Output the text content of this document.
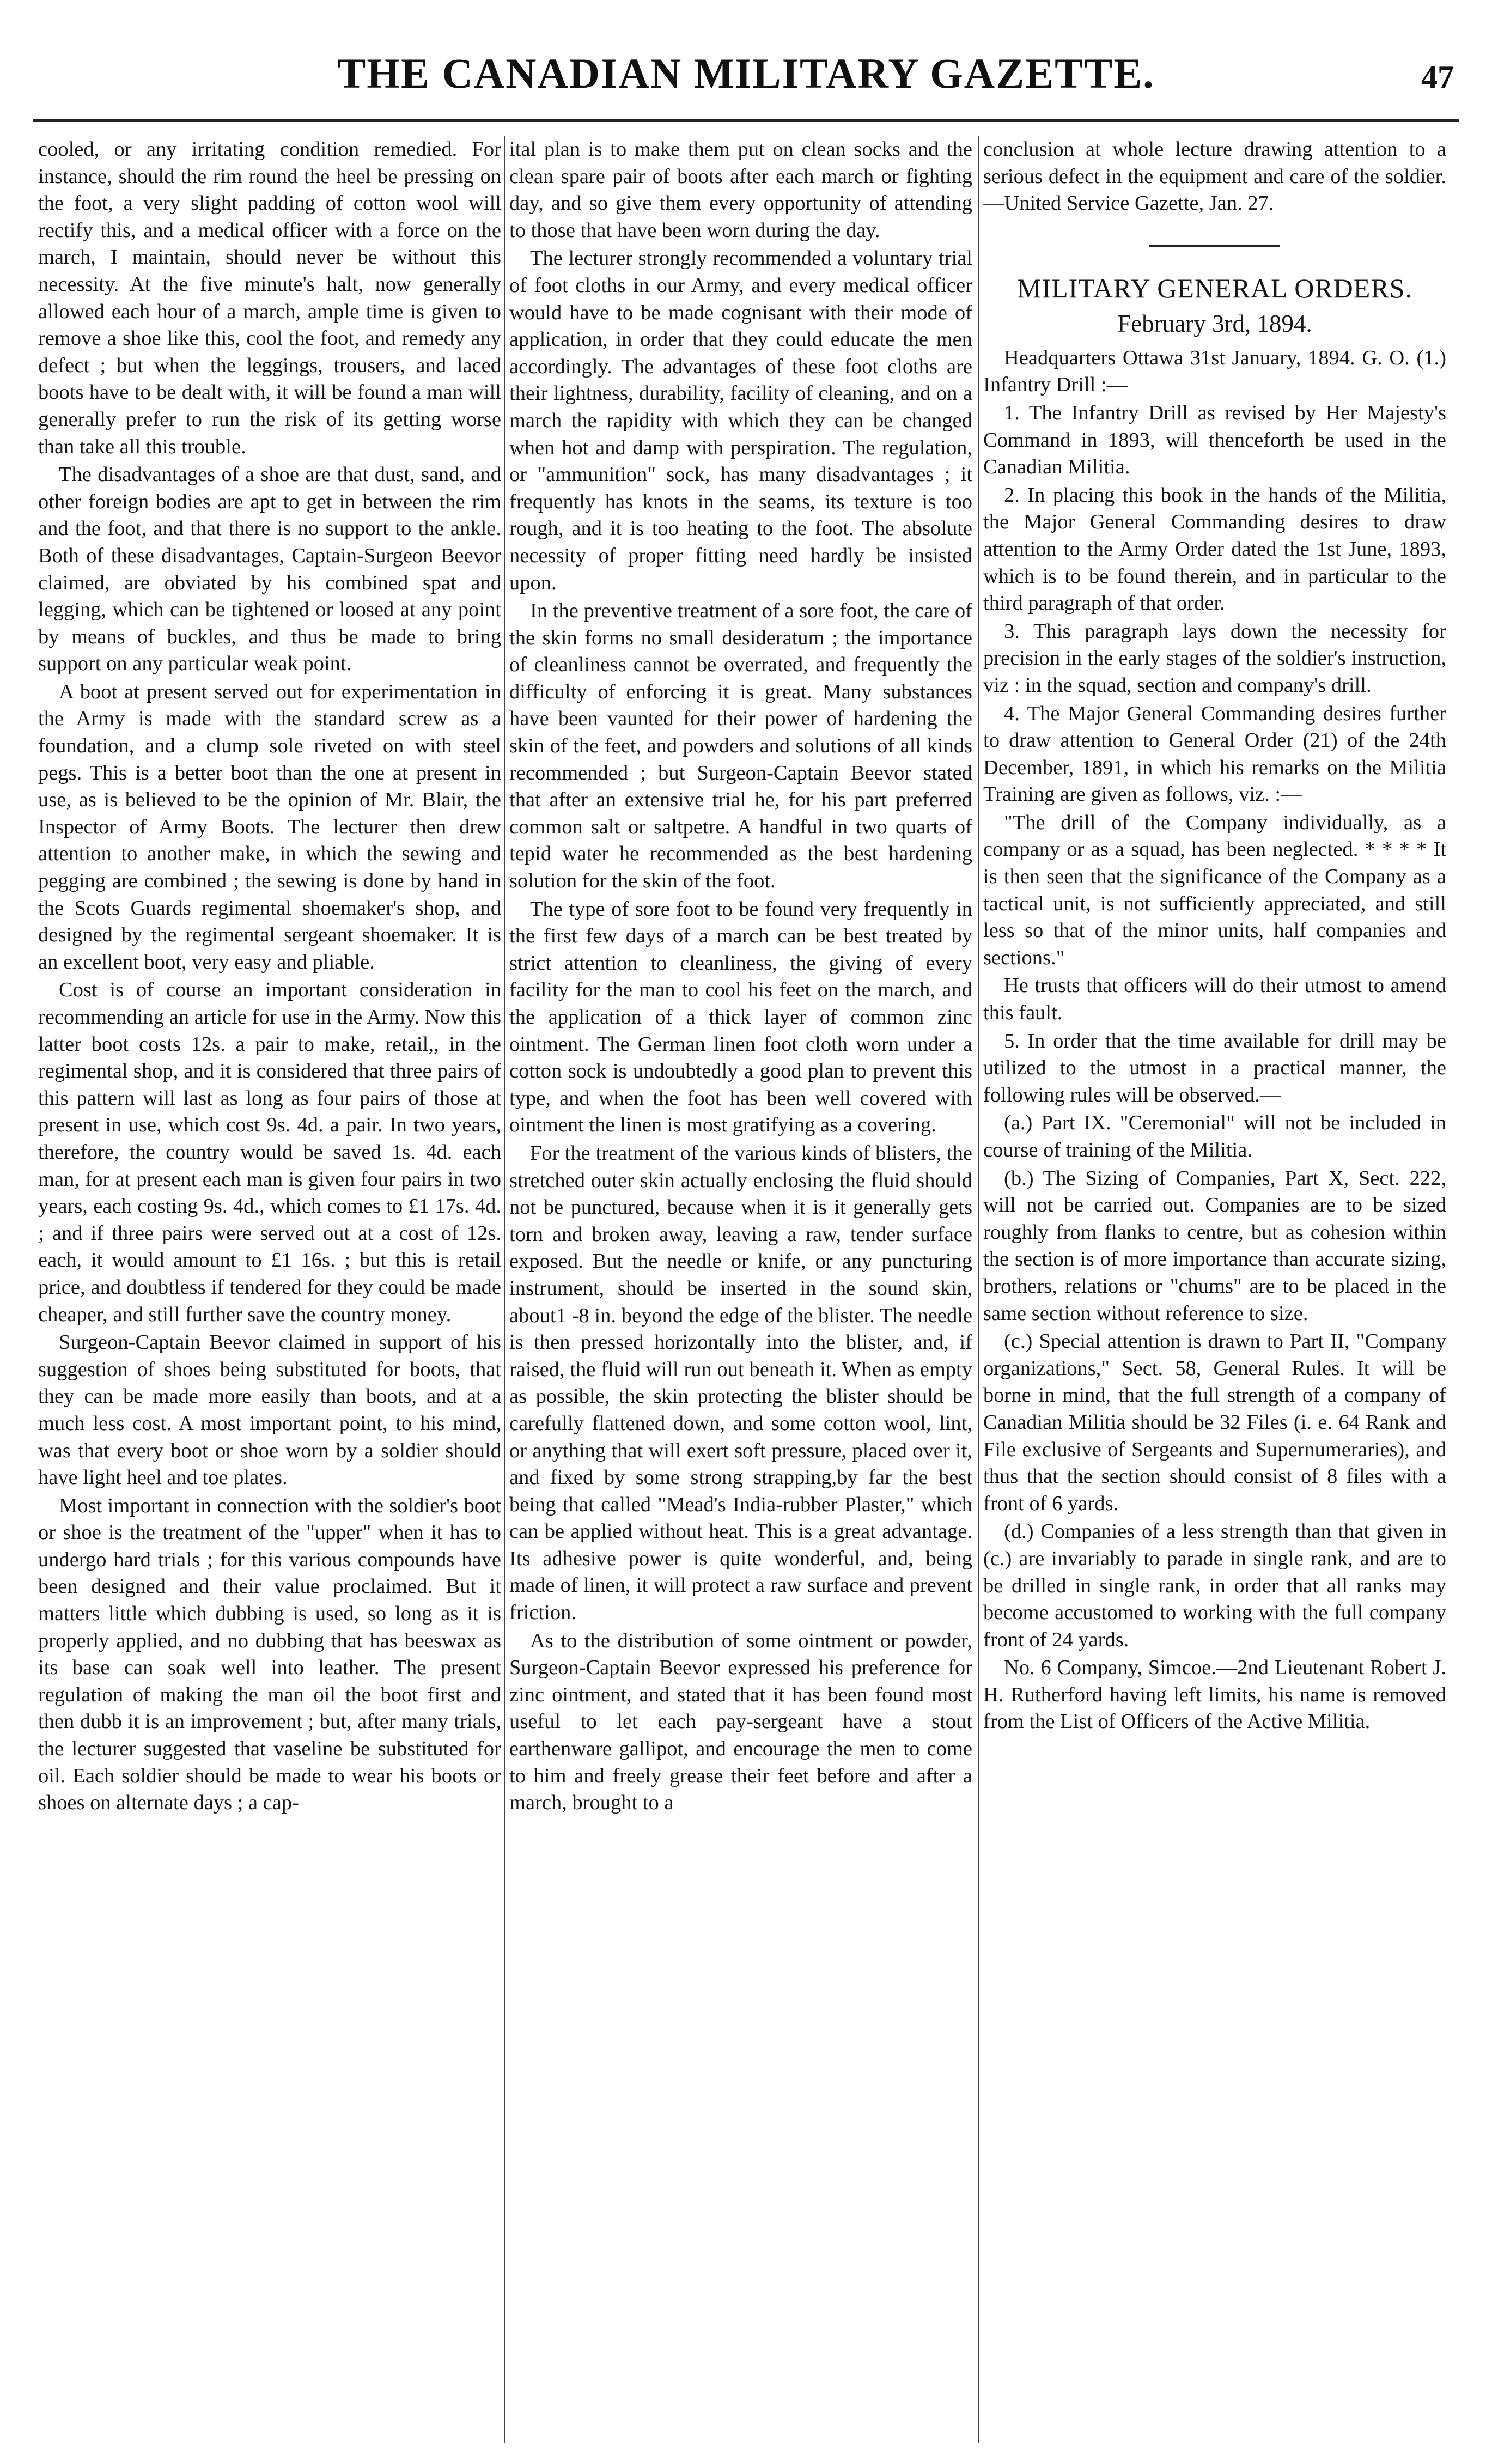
THE CANADIAN MILITARY GAZETTE.	47

cooled, or any irritating condition remedied. For instance, should the rim round the heel be pressing on the foot, a very slight padding of cotton wool will rectify this, and a medical officer with a force on the march, I maintain, should never be without this necessity. At the five minute's halt, now generally allowed each hour of a march, ample time is given to remove a shoe like this, cool the foot, and remedy any defect ; but when the leggings, trousers, and laced boots have to be dealt with, it will be found a man will generally prefer to run the risk of its getting worse than take all this trouble.

The disadvantages of a shoe are that dust, sand, and other foreign bodies are apt to get in between the rim and the foot, and that there is no support to the ankle. Both of these disadvantages, Captain-Surgeon Beevor claimed, are obviated by his combined spat and legging, which can be tightened or loosed at any point by means of buckles, and thus be made to bring support on any particular weak point.

A boot at present served out for experimentation in the Army is made with the standard screw as a foundation, and a clump sole riveted on with steel pegs. This is a better boot than the one at present in use, as is believed to be the opinion of Mr. Blair, the Inspector of Army Boots. The lecturer then drew attention to another make, in which the sewing and pegging are combined ; the sewing is done by hand in the Scots Guards regimental shoemaker's shop, and designed by the regimental sergeant shoemaker. It is an excellent boot, very easy and pliable.

Cost is of course an important consideration in recommending an article for use in the Army. Now this latter boot costs 12s. a pair to make, retail,, in the regimental shop, and it is considered that three pairs of this pattern will last as long as four pairs of those at present in use, which cost 9s. 4d. a pair. In two years, therefore, the country would be saved 1s. 4d. each man, for at present each man is given four pairs in two years, each costing 9s. 4d., which comes to £1 17s. 4d. ; and if three pairs were served out at a cost of 12s. each, it would amount to £1 16s. ; but this is retail price, and doubtless if tendered for they could be made cheaper, and still further save the country money.

Surgeon-Captain Beevor claimed in support of his suggestion of shoes being substituted for boots, that they can be made more easily than boots, and at a much less cost. A most important point, to his mind, was that every boot or shoe worn by a soldier should have light heel and toe plates.

Most important in connection with the soldier's boot or shoe is the treatment of the "upper" when it has to undergo hard trials ; for this various compounds have been designed and their value proclaimed. But it matters little which dubbing is used, so long as it is properly applied, and no dubbing that has beeswax as its base can soak well into leather. The present regulation of making the man oil the boot first and then dubb it is an improvement ; but, after many trials, the lecturer suggested that vaseline be substituted for oil. Each soldier should be made to wear his boots or shoes on alternate days ; a cap-

ital plan is to make them put on clean socks and the clean spare pair of boots after each march or fighting day, and so give them every opportunity of attending to those that have been worn during the day.

The lecturer strongly recommended a voluntary trial of foot cloths in our Army, and every medical officer would have to be made cognisant with their mode of application, in order that they could educate the men accordingly. The advantages of these foot cloths are their lightness, durability, facility of cleaning, and on a march the rapidity with which they can be changed when hot and damp with perspiration. The regulation, or "ammunition" sock, has many disadvantages ; it frequently has knots in the seams, its texture is too rough, and it is too heating to the foot. The absolute necessity of proper fitting need hardly be insisted upon.

In the preventive treatment of a sore foot, the care of the skin forms no small desideratum ; the importance of cleanliness cannot be overrated, and frequently the difficulty of enforcing it is great. Many substances have been vaunted for their power of hardening the skin of the feet, and powders and solutions of all kinds recommended ; but Surgeon-Captain Beevor stated that after an extensive trial he, for his part preferred common salt or saltpetre. A handful in two quarts of tepid water he recommended as the best hardening solution for the skin of the foot.

The type of sore foot to be found very frequently in the first few days of a march can be best treated by strict attention to cleanliness, the giving of every facility for the man to cool his feet on the march, and the application of a thick layer of common zinc ointment. The German linen foot cloth worn under a cotton sock is undoubtedly a good plan to prevent this type, and when the foot has been well covered with ointment the linen is most gratifying as a covering.

For the treatment of the various kinds of blisters, the stretched outer skin actually enclosing the fluid should not be punctured, because when it is it generally gets torn and broken away, leaving a raw, tender surface exposed. But the needle or knife, or any puncturing instrument, should be inserted in the sound skin, about1 -8 in. beyond the edge of the blister. The needle is then pressed horizontally into the blister, and, if raised, the fluid will run out beneath it. When as empty as possible, the skin protecting the blister should be carefully flattened down, and some cotton wool, lint, or anything that will exert soft pressure, placed over it, and fixed by some strong strapping,by far the best being that called "Mead's India-rubber Plaster," which can be applied without heat. This is a great advantage. Its adhesive power is quite wonderful, and, being made of linen, it will protect a raw surface and prevent friction.

As to the distribution of some ointment or powder, Surgeon-Captain Beevor expressed his preference for zinc ointment, and stated that it has been found most useful to let each pay-sergeant have a stout earthenware gallipot, and encourage the men to come to him and freely grease their feet before and after a march, brought to a

conclusion at whole lecture drawing attention to a serious defect in the equipment and care of the soldier.—United Service Gazette, Jan. 27.

MILITARY GENERAL ORDERS.
February 3rd, 1894.

Headquarters Ottawa 31st January, 1894. G. O. (1.) Infantry Drill :—

1. The Infantry Drill as revised by Her Majesty's Command in 1893, will thenceforth be used in the Canadian Militia.

2. In placing this book in the hands of the Militia, the Major General Commanding desires to draw attention to the Army Order dated the 1st June, 1893, which is to be found therein, and in particular to the third paragraph of that order.

3. This paragraph lays down the necessity for precision in the early stages of the soldier's instruction, viz : in the squad, section and company's drill.

4. The Major General Commanding desires further to draw attention to General Order (21) of the 24th December, 1891, in which his remarks on the Militia Training are given as follows, viz. :—

"The drill of the Company individually, as a company or as a squad, has been neglected. * * * * It is then seen that the significance of the Company as a tactical unit, is not sufficiently appreciated, and still less so that of the minor units, half companies and sections."

He trusts that officers will do their utmost to amend this fault.

5. In order that the time available for drill may be utilized to the utmost in a practical manner, the following rules will be observed.—

(a.) Part IX. "Ceremonial" will not be included in course of training of the Militia.

(b.) The Sizing of Companies, Part X, Sect. 222, will not be carried out. Companies are to be sized roughly from flanks to centre, but as cohesion within the section is of more importance than accurate sizing, brothers, relations or "chums" are to be placed in the same section without reference to size.

(c.) Special attention is drawn to Part II, "Company organizations," Sect. 58, General Rules. It will be borne in mind, that the full strength of a company of Canadian Militia should be 32 Files (i. e. 64 Rank and File exclusive of Sergeants and Supernumeraries), and thus that the section should consist of 8 files with a front of 6 yards.

(d.) Companies of a less strength than that given in (c.) are invariably to parade in single rank, and are to be drilled in single rank, in order that all ranks may become accustomed to working with the full company front of 24 yards.

No. 6 Company, Simcoe.—2nd Lieutenant Robert J. H. Rutherford having left limits, his name is removed from the List of Officers of the Active Militia.
